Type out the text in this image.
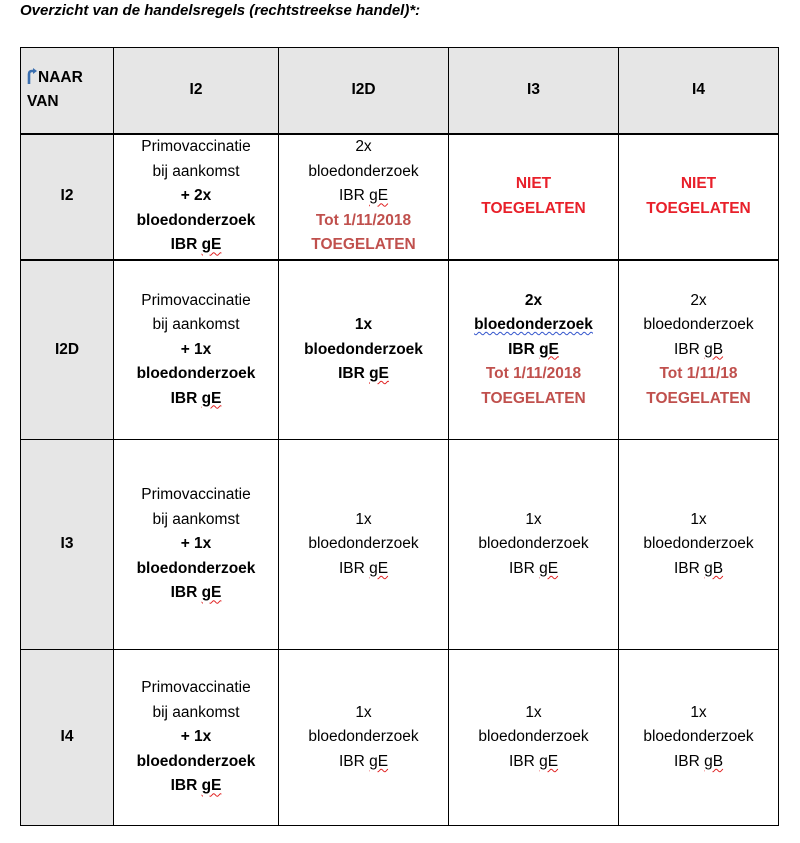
Overzicht van de handelsregels (rechtstreekse handel)*:
NAAR
VAN	I2	I2D	I3	I4
I2	Primovaccinatie
bij aankomst
+ 2x
bloedonderzoek
IBR gE	2x
bloedonderzoek
IBR gE
Tot 1/11/2018
TOEGELATEN	NIET
TOEGELATEN	NIET
TOEGELATEN

I2D	Primovaccinatie
bij aankomst
+ 1x
bloedonderzoek
IBR gE	1x
bloedonderzoek
IBR gE	2x
bloedonderzoek
IBR gE
Tot 1/11/2018
TOEGELATEN	2x
bloedonderzoek
IBR gB
Tot 1/11/18
TOEGELATEN

I3	Primovaccinatie
bij aankomst
+ 1x
bloedonderzoek
IBR gE	1x
bloedonderzoek
IBR gE	1x
bloedonderzoek
IBR gE	1x
bloedonderzoek
IBR gB

I4	Primovaccinatie
bij aankomst
+ 1x
bloedonderzoek
IBR gE	1x
bloedonderzoek
IBR gE	1x
bloedonderzoek
IBR gE	1x
bloedonderzoek
IBR gB
